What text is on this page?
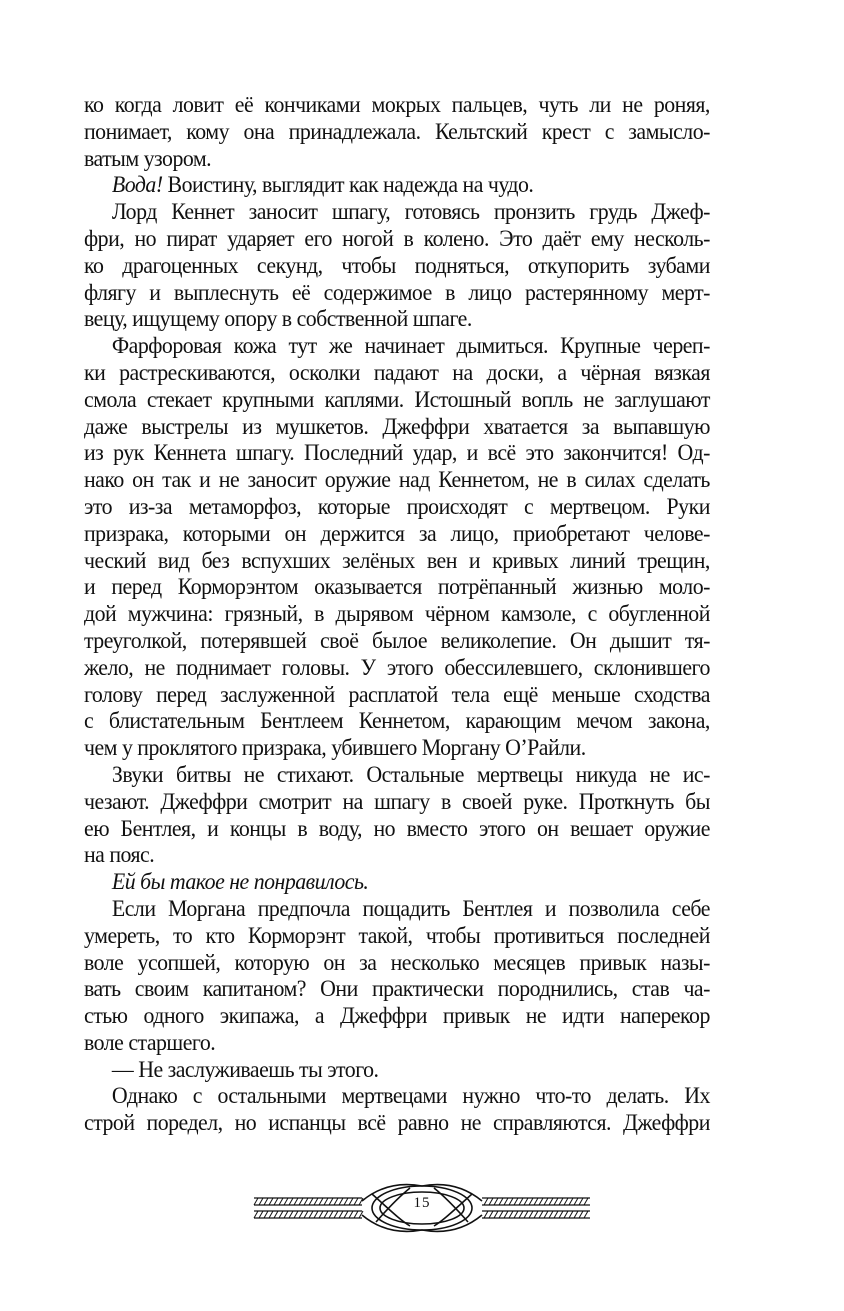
ко когда ловит её кончиками мокрых пальцев, чуть ли не роняя,
понимает, кому она принадлежала. Кельтский крест с замысло-
ватым узором.
Вода! Воистину, выглядит как надежда на чудо.
Лорд Кеннет заносит шпагу, готовясь пронзить грудь Джеф-
фри, но пират ударяет его ногой в колено. Это даёт ему несколь-
ко драгоценных секунд, чтобы подняться, откупорить зубами
флягу и выплеснуть её содержимое в лицо растерянному мерт-
вецу, ищущему опору в собственной шпаге.
Фарфоровая кожа тут же начинает дымиться. Крупные череп-
ки растрескиваются, осколки падают на доски, а чёрная вязкая
смола стекает крупными каплями. Истошный вопль не заглушают
даже выстрелы из мушкетов. Джеффри хватается за выпавшую
из рук Кеннета шпагу. Последний удар, и всё это закончится! Од-
нако он так и не заносит оружие над Кеннетом, не в силах сделать
это из-за метаморфоз, которые происходят с мертвецом. Руки
призрака, которыми он держится за лицо, приобретают челове-
ческий вид без вспухших зелёных вен и кривых линий трещин,
и перед Корморэнтом оказывается потрёпанный жизнью моло-
дой мужчина: грязный, в дырявом чёрном камзоле, с обугленной
треуголкой, потерявшей своё былое великолепие. Он дышит тя-
жело, не поднимает головы. У этого обессилевшего, склонившего
голову перед заслуженной расплатой тела ещё меньше сходства
с блистательным Бентлеем Кеннетом, карающим мечом закона,
чем у проклятого призрака, убившего Моргану О’Райли.
Звуки битвы не стихают. Остальные мертвецы никуда не ис-
чезают. Джеффри смотрит на шпагу в своей руке. Проткнуть бы
ею Бентлея, и концы в воду, но вместо этого он вешает оружие
на пояс.
Ей бы такое не понравилось.
Если Моргана предпочла пощадить Бентлея и позволила себе
умереть, то кто Корморэнт такой, чтобы противиться последней
воле усопшей, которую он за несколько месяцев привык назы-
вать своим капитаном? Они практически породнились, став ча-
стью одного экипажа, а Джеффри привык не идти наперекор
воле старшего.
— Не заслуживаешь ты этого.
Однако с остальными мертвецами нужно что-то делать. Их
строй поредел, но испанцы всё равно не справляются. Джеффри
15
